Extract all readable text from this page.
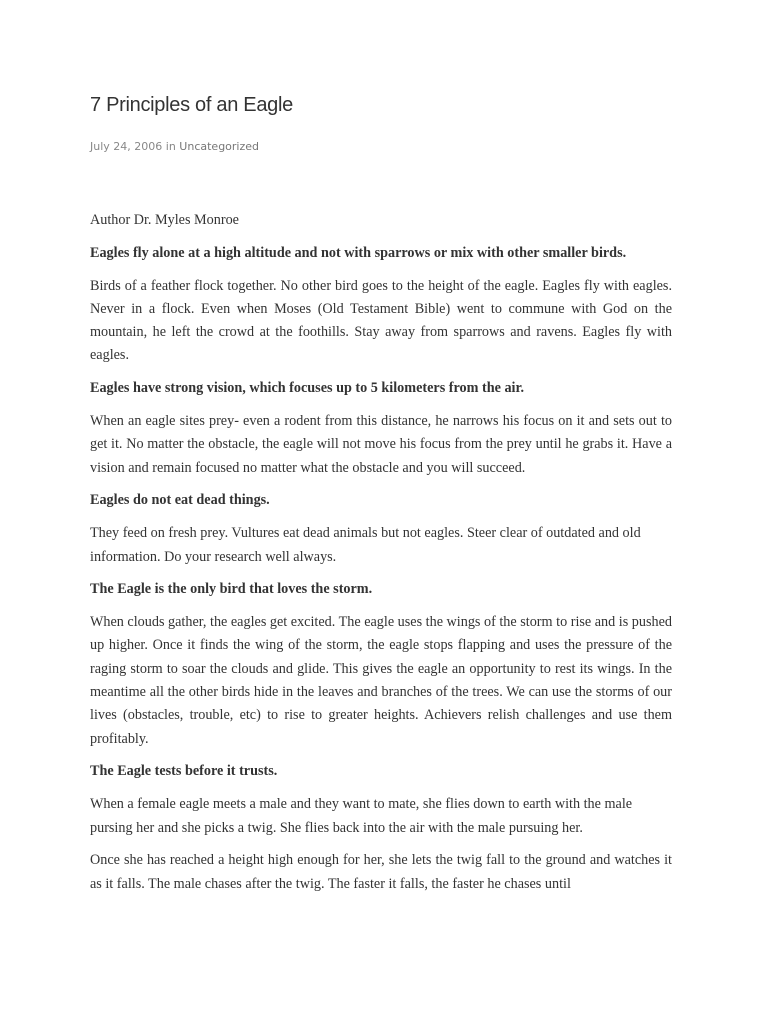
7 Principles of an Eagle
July 24, 2006 in Uncategorized

Author Dr. Myles Monroe

Eagles fly alone at a high altitude and not with sparrows or mix with other smaller birds.

Birds of a feather flock together. No other bird goes to the height of the eagle. Eagles fly with eagles. Never in a flock. Even when Moses (Old Testament Bible) went to commune with God on the mountain, he left the crowd at the foothills. Stay away from sparrows and ravens. Eagles fly with eagles.

Eagles have strong vision, which focuses up to 5 kilometers from the air.

When an eagle sites prey- even a rodent from this distance, he narrows his focus on it and sets out to get it. No matter the obstacle, the eagle will not move his focus from the prey until he grabs it. Have a vision and remain focused no matter what the obstacle and you will succeed.

Eagles do not eat dead things.

They feed on fresh prey. Vultures eat dead animals but not eagles. Steer clear of outdated and old information. Do your research well always.

The Eagle is the only bird that loves the storm.

When clouds gather, the eagles get excited. The eagle uses the wings of the storm to rise and is pushed up higher. Once it finds the wing of the storm, the eagle stops flapping and uses the pressure of the raging storm to soar the clouds and glide. This gives the eagle an opportunity to rest its wings. In the meantime all the other birds hide in the leaves and branches of the trees. We can use the storms of our lives (obstacles, trouble, etc) to rise to greater heights. Achievers relish challenges and use them profitably.

The Eagle tests before it trusts.

When a female eagle meets a male and they want to mate, she flies down to earth with the male pursing her and she picks a twig. She flies back into the air with the male pursuing her.

Once she has reached a height high enough for her, she lets the twig fall to the ground and watches it as it falls. The male chases after the twig. The faster it falls, the faster he chases until
